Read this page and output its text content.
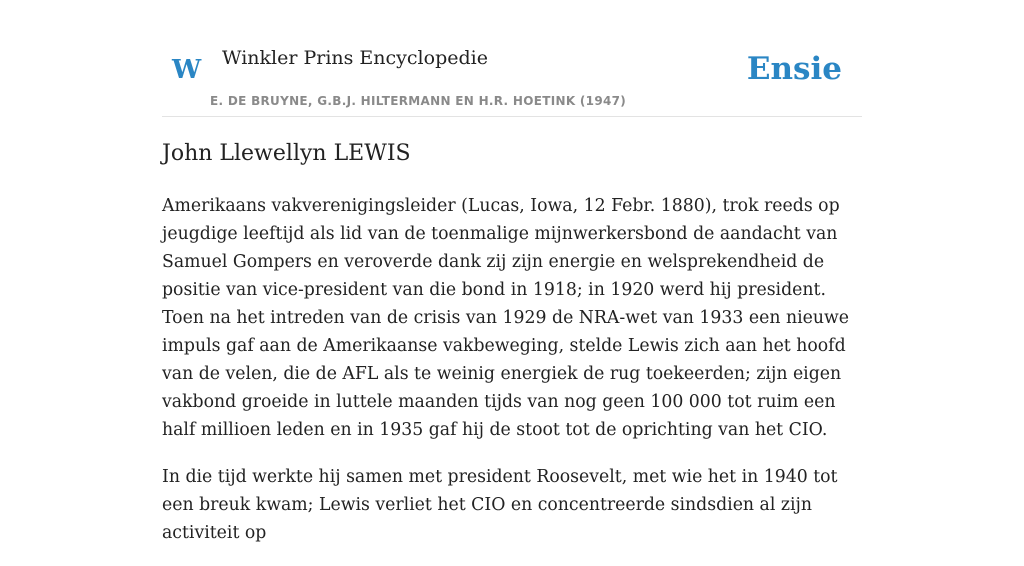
W Winkler Prins Encyclopedie
E. DE BRUYNE, G.B.J. HILTERMANN EN H.R. HOETINK (1947)
Ensie
John Llewellyn LEWIS

Amerikaans vakverenigingsleider (Lucas, Iowa, 12 Febr. 1880), trok reeds op jeugdige leeftijd als lid van de toenmalige mijnwerkersbond de aandacht van Samuel Gompers en veroverde dank zij zijn energie en welsprekendheid de positie van vice-president van die bond in 1918; in 1920 werd hij president. Toen na het intreden van de crisis van 1929 de NRA-wet van 1933 een nieuwe impuls gaf aan de Amerikaanse vakbeweging, stelde Lewis zich aan het hoofd van de velen, die de AFL als te weinig energiek de rug toekeerden; zijn eigen vakbond groeide in luttele maanden tijds van nog geen 100 000 tot ruim een half millioen leden en in 1935 gaf hij de stoot tot de oprichting van het CIO.

In die tijd werkte hij samen met president Roosevelt, met wie het in 1940 tot een breuk kwam; Lewis verliet het CIO en concentreerde sindsdien al zijn activiteit op
